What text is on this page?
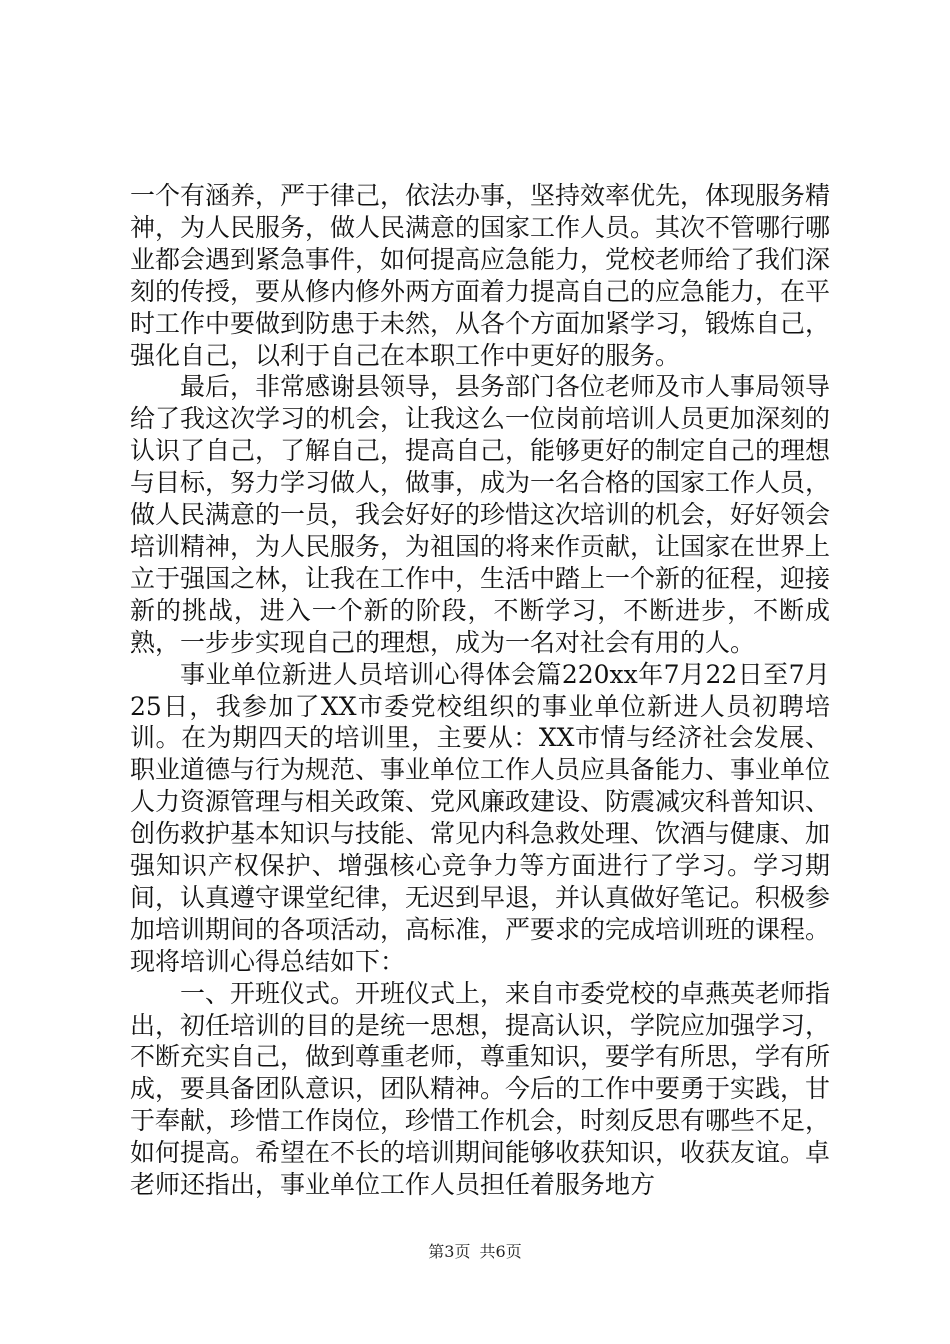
一个有涵养，严于律己，依法办事，坚持效率优先，体现服务精神，为人民服务，做人民满意的国家工作人员。其次不管哪行哪业都会遇到紧急事件，如何提高应急能力，党校老师给了我们深刻的传授，要从修内修外两方面着力提高自己的应急能力，在平时工作中要做到防患于未然，从各个方面加紧学习，锻炼自己，强化自己，以利于自己在本职工作中更好的服务。

最后，非常感谢县领导，县务部门各位老师及市人事局领导给了我这次学习的机会，让我这么一位岗前培训人员更加深刻的认识了自己，了解自己，提高自己，能够更好的制定自己的理想与目标，努力学习做人，做事，成为一名合格的国家工作人员，做人民满意的一员，我会好好的珍惜这次培训的机会，好好领会培训精神，为人民服务，为祖国的将来作贡献，让国家在世界上立于强国之林，让我在工作中，生活中踏上一个新的征程，迎接新的挑战，进入一个新的阶段，不断学习，不断进步，不断成熟，一步步实现自己的理想，成为一名对社会有用的人。

事业单位新进人员培训心得体会篇220xx年7月22日至7月25日，我参加了XX市委党校组织的事业单位新进人员初聘培训。在为期四天的培训里，主要从：XX市情与经济社会发展、职业道德与行为规范、事业单位工作人员应具备能力、事业单位人力资源管理与相关政策、党风廉政建设、防震减灾科普知识、创伤救护基本知识与技能、常见内科急救处理、饮酒与健康、加强知识产权保护、增强核心竞争力等方面进行了学习。学习期间，认真遵守课堂纪律，无迟到早退，并认真做好笔记。积极参加培训期间的各项活动，高标准，严要求的完成培训班的课程。现将培训心得总结如下：

一、开班仪式。开班仪式上，来自市委党校的卓燕英老师指出，初任培训的目的是统一思想，提高认识，学院应加强学习，不断充实自己，做到尊重老师，尊重知识，要学有所思，学有所成，要具备团队意识，团队精神。今后的工作中要勇于实践，甘于奉献，珍惜工作岗位，珍惜工作机会，时刻反思有哪些不足，如何提高。希望在不长的培训期间能够收获知识，收获友谊。卓老师还指出，事业单位工作人员担任着服务地方

第3页 共6页
